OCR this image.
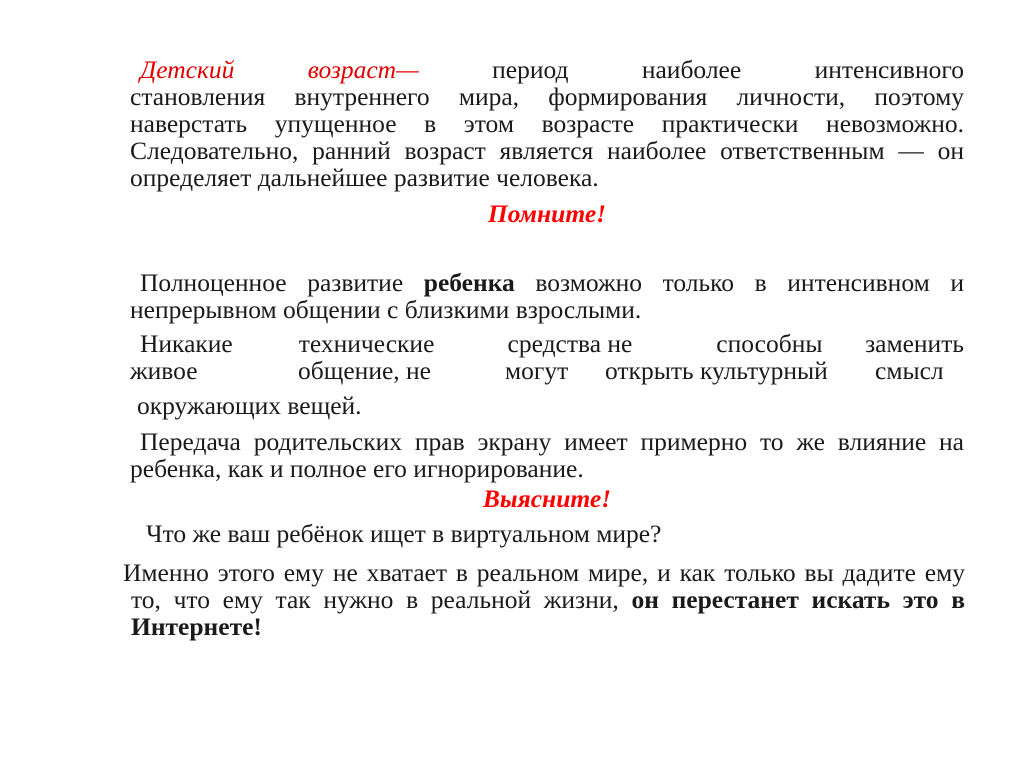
Детский	возраст—	период	наиболее	интенсивного
становления внутреннего мира, формирования личности, поэтому наверстать упущенное в этом возрасте практически невозможно. Следовательно, ранний возраст является наиболее ответственным — он определяет дальнейшее развитие человека.
Помните!
Полноценное развитие ребенка возможно только в интенсивном и непрерывном общении с близкими взрослыми.
Никакие	технические	средства не	способны	заменить
живое	общение, не	могут	открыть культурный	смысл
окружающих вещей.
Передача родительских прав экрану имеет примерно то же влияние на ребенка, как и полное его игнорирование.
Выясните!
Что же ваш ребёнок ищет в виртуальном мире?
Именно этого ему не хватает в реальном мире, и как только вы дадите ему то, что ему так нужно в реальной жизни, он перестанет искать это в Интернете!
